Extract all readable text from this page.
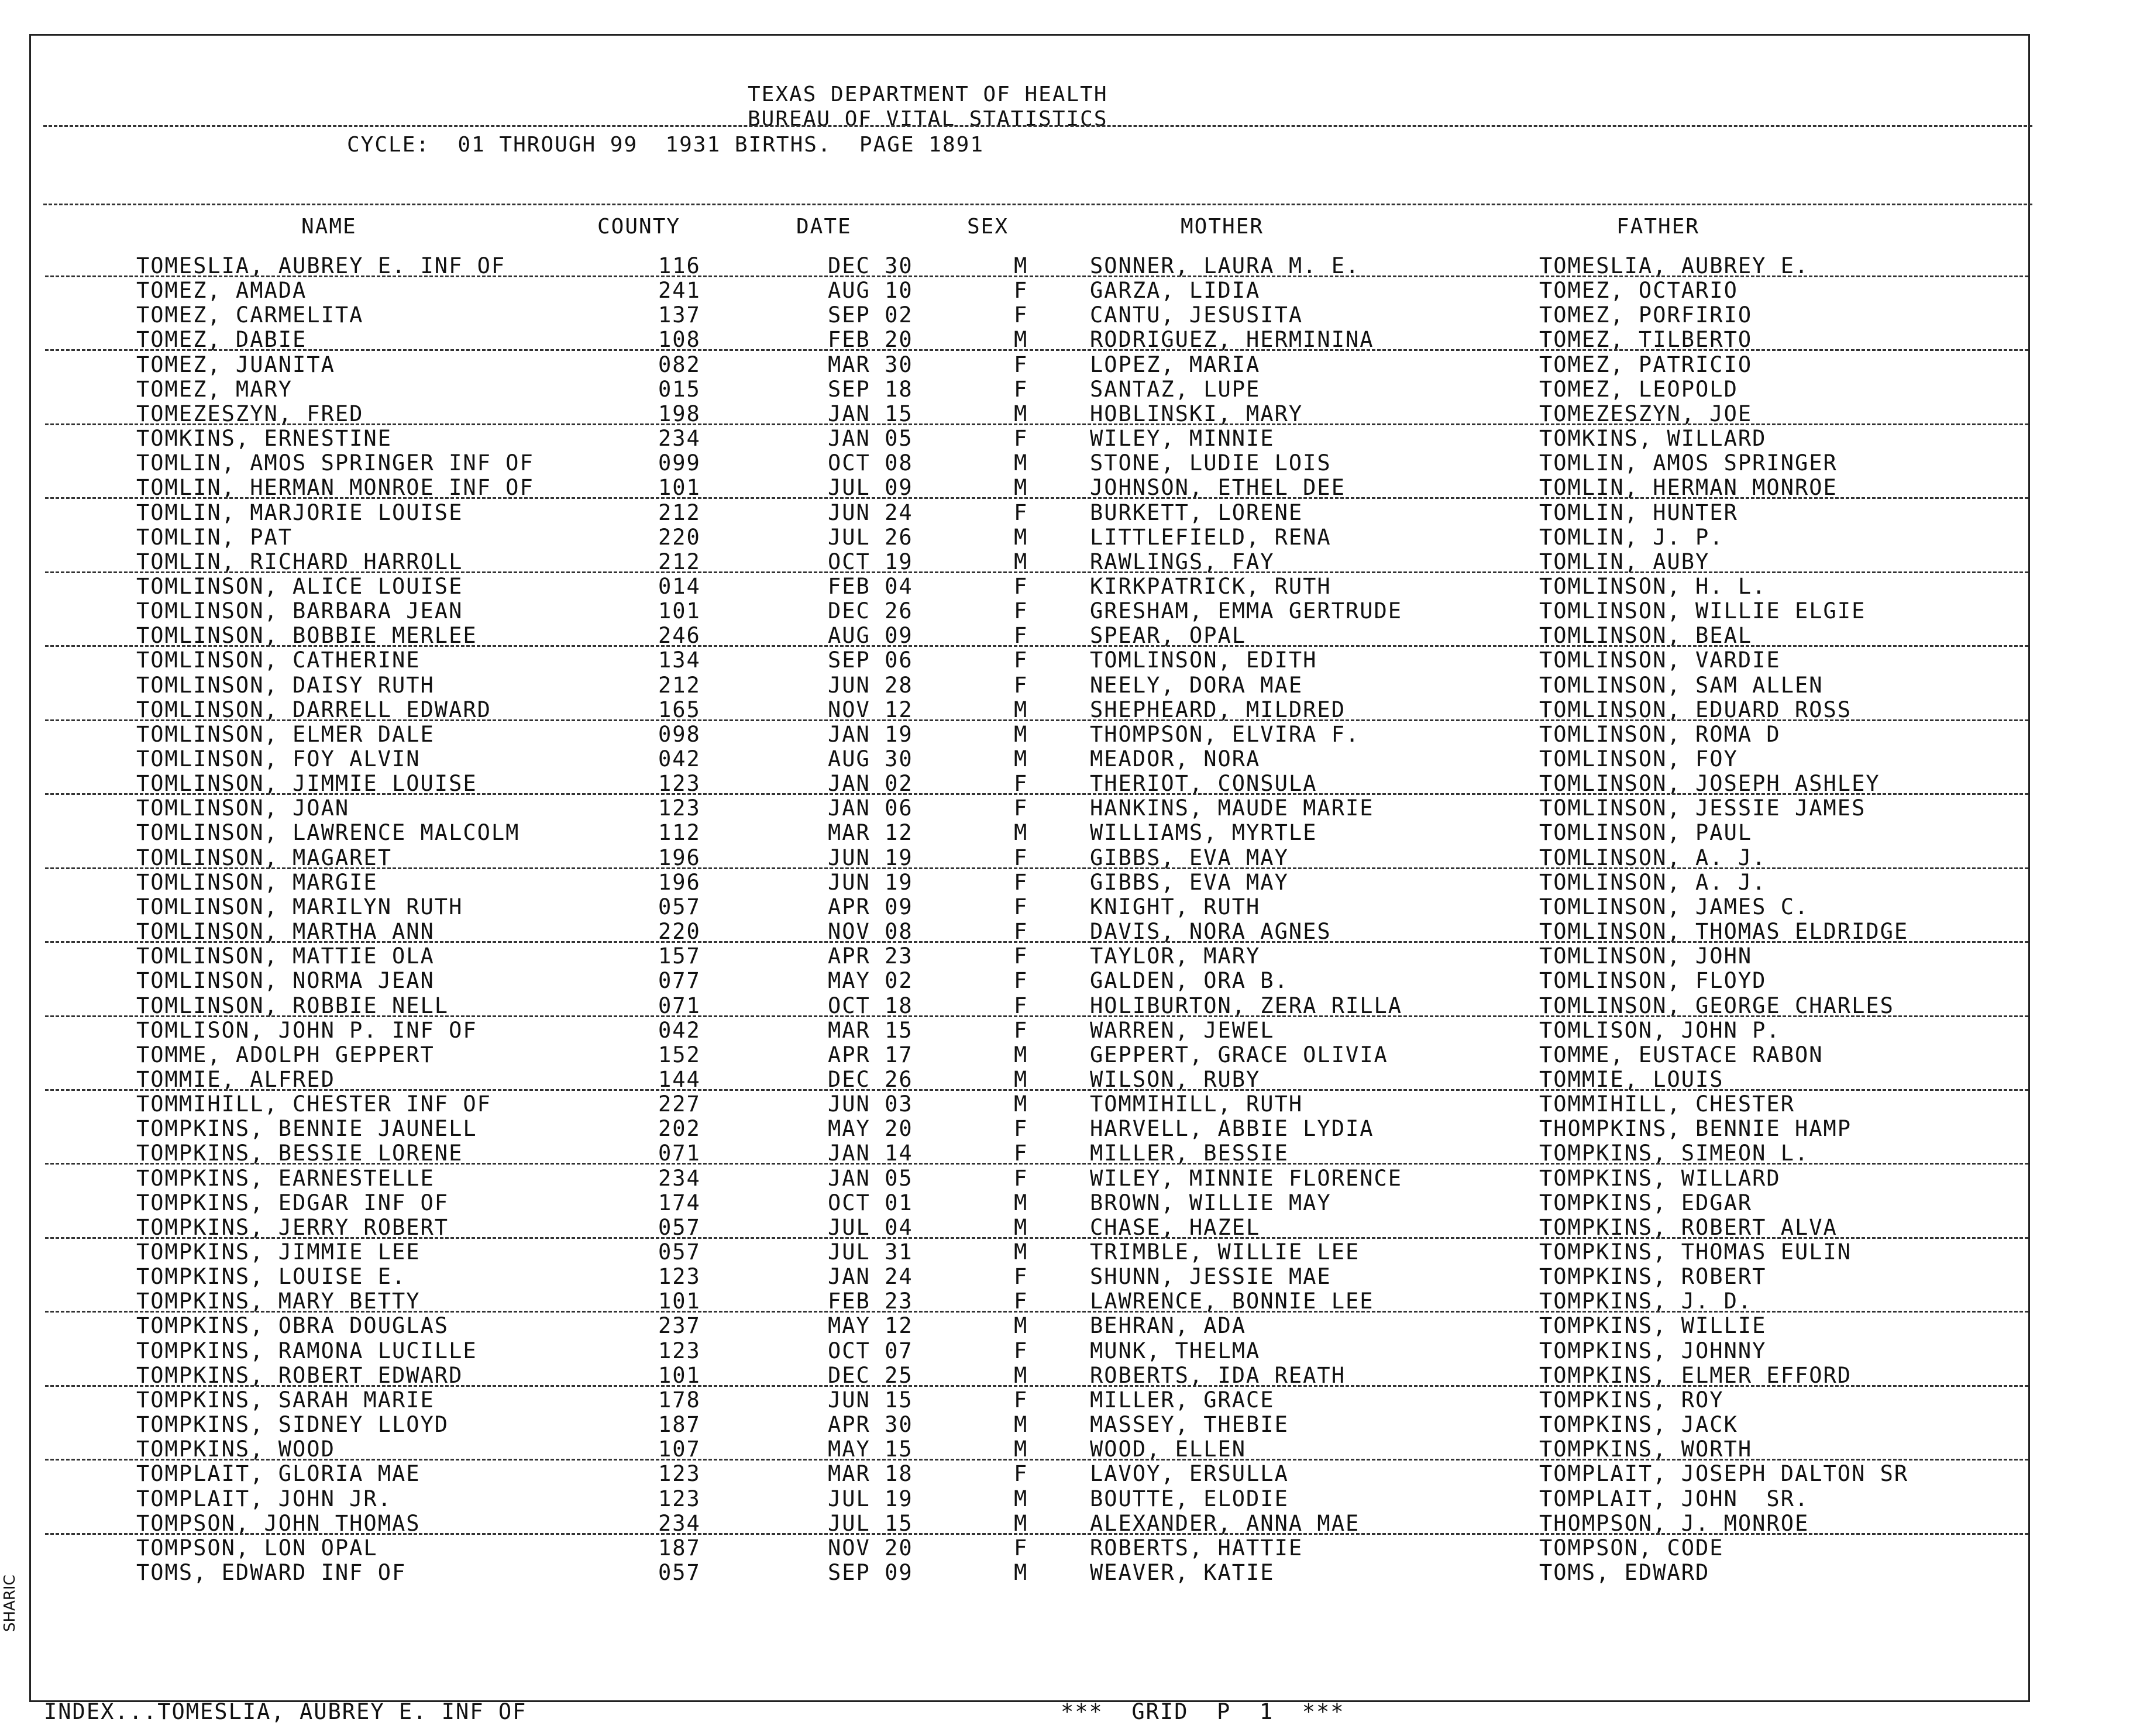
TEXAS DEPARTMENT OF HEALTH
BUREAU OF VITAL STATISTICS
CYCLE:  01 THROUGH 99  1931 BIRTHS.  PAGE 1891
NAME	COUNTY	DATE	SEX	MOTHER	FATHER
TOMESLIA, AUBREY E. INF OF	116	DEC 30	M	SONNER, LAURA M. E.	TOMESLIA, AUBREY E.
TOMEZ, AMADA	241	AUG 10	F	GARZA, LIDIA	TOMEZ, OCTARIO
TOMEZ, CARMELITA	137	SEP 02	F	CANTU, JESUSITA	TOMEZ, PORFIRIO
TOMEZ, DABIE	108	FEB 20	M	RODRIGUEZ, HERMININA	TOMEZ, TILBERTO
TOMEZ, JUANITA	082	MAR 30	F	LOPEZ, MARIA	TOMEZ, PATRICIO
TOMEZ, MARY	015	SEP 18	F	SANTAZ, LUPE	TOMEZ, LEOPOLD
TOMEZESZYN, FRED	198	JAN 15	M	HOBLINSKI, MARY	TOMEZESZYN, JOE
TOMKINS, ERNESTINE	234	JAN 05	F	WILEY, MINNIE	TOMKINS, WILLARD
TOMLIN, AMOS SPRINGER INF OF	099	OCT 08	M	STONE, LUDIE LOIS	TOMLIN, AMOS SPRINGER
TOMLIN, HERMAN MONROE INF OF	101	JUL 09	M	JOHNSON, ETHEL DEE	TOMLIN, HERMAN MONROE
TOMLIN, MARJORIE LOUISE	212	JUN 24	F	BURKETT, LORENE	TOMLIN, HUNTER
TOMLIN, PAT	220	JUL 26	M	LITTLEFIELD, RENA	TOMLIN, J. P.
TOMLIN, RICHARD HARROLL	212	OCT 19	M	RAWLINGS, FAY	TOMLIN, AUBY
TOMLINSON, ALICE LOUISE	014	FEB 04	F	KIRKPATRICK, RUTH	TOMLINSON, H. L.
TOMLINSON, BARBARA JEAN	101	DEC 26	F	GRESHAM, EMMA GERTRUDE	TOMLINSON, WILLIE ELGIE
TOMLINSON, BOBBIE MERLEE	246	AUG 09	F	SPEAR, OPAL	TOMLINSON, BEAL
TOMLINSON, CATHERINE	134	SEP 06	F	TOMLINSON, EDITH	TOMLINSON, VARDIE
TOMLINSON, DAISY RUTH	212	JUN 28	F	NEELY, DORA MAE	TOMLINSON, SAM ALLEN
TOMLINSON, DARRELL EDWARD	165	NOV 12	M	SHEPHEARD, MILDRED	TOMLINSON, EDUARD ROSS
TOMLINSON, ELMER DALE	098	JAN 19	M	THOMPSON, ELVIRA F.	TOMLINSON, ROMA D
TOMLINSON, FOY ALVIN	042	AUG 30	M	MEADOR, NORA	TOMLINSON, FOY
TOMLINSON, JIMMIE LOUISE	123	JAN 02	F	THERIOT, CONSULA	TOMLINSON, JOSEPH ASHLEY
TOMLINSON, JOAN	123	JAN 06	F	HANKINS, MAUDE MARIE	TOMLINSON, JESSIE JAMES
TOMLINSON, LAWRENCE MALCOLM	112	MAR 12	M	WILLIAMS, MYRTLE	TOMLINSON, PAUL
TOMLINSON, MAGARET	196	JUN 19	F	GIBBS, EVA MAY	TOMLINSON, A. J.
TOMLINSON, MARGIE	196	JUN 19	F	GIBBS, EVA MAY	TOMLINSON, A. J.
TOMLINSON, MARILYN RUTH	057	APR 09	F	KNIGHT, RUTH	TOMLINSON, JAMES C.
TOMLINSON, MARTHA ANN	220	NOV 08	F	DAVIS, NORA AGNES	TOMLINSON, THOMAS ELDRIDGE
TOMLINSON, MATTIE OLA	157	APR 23	F	TAYLOR, MARY	TOMLINSON, JOHN
TOMLINSON, NORMA JEAN	077	MAY 02	F	GALDEN, ORA B.	TOMLINSON, FLOYD
TOMLINSON, ROBBIE NELL	071	OCT 18	F	HOLIBURTON, ZERA RILLA	TOMLINSON, GEORGE CHARLES
TOMLISON, JOHN P. INF OF	042	MAR 15	F	WARREN, JEWEL	TOMLISON, JOHN P.
TOMME, ADOLPH GEPPERT	152	APR 17	M	GEPPERT, GRACE OLIVIA	TOMME, EUSTACE RABON
TOMMIE, ALFRED	144	DEC 26	M	WILSON, RUBY	TOMMIE, LOUIS
TOMMIHILL, CHESTER INF OF	227	JUN 03	M	TOMMIHILL, RUTH	TOMMIHILL, CHESTER
TOMPKINS, BENNIE JAUNELL	202	MAY 20	F	HARVELL, ABBIE LYDIA	THOMPKINS, BENNIE HAMP
TOMPKINS, BESSIE LORENE	071	JAN 14	F	MILLER, BESSIE	TOMPKINS, SIMEON L.
TOMPKINS, EARNESTELLE	234	JAN 05	F	WILEY, MINNIE FLORENCE	TOMPKINS, WILLARD
TOMPKINS, EDGAR INF OF	174	OCT 01	M	BROWN, WILLIE MAY	TOMPKINS, EDGAR
TOMPKINS, JERRY ROBERT	057	JUL 04	M	CHASE, HAZEL	TOMPKINS, ROBERT ALVA
TOMPKINS, JIMMIE LEE	057	JUL 31	M	TRIMBLE, WILLIE LEE	TOMPKINS, THOMAS EULIN
TOMPKINS, LOUISE E.	123	JAN 24	F	SHUNN, JESSIE MAE	TOMPKINS, ROBERT
TOMPKINS, MARY BETTY	101	FEB 23	F	LAWRENCE, BONNIE LEE	TOMPKINS, J. D.
TOMPKINS, OBRA DOUGLAS	237	MAY 12	M	BEHRAN, ADA	TOMPKINS, WILLIE
TOMPKINS, RAMONA LUCILLE	123	OCT 07	F	MUNK, THELMA	TOMPKINS, JOHNNY
TOMPKINS, ROBERT EDWARD	101	DEC 25	M	ROBERTS, IDA REATH	TOMPKINS, ELMER EFFORD
TOMPKINS, SARAH MARIE	178	JUN 15	F	MILLER, GRACE	TOMPKINS, ROY
TOMPKINS, SIDNEY LLOYD	187	APR 30	M	MASSEY, THEBIE	TOMPKINS, JACK
TOMPKINS, WOOD	107	MAY 15	M	WOOD, ELLEN	TOMPKINS, WORTH
TOMPLAIT, GLORIA MAE	123	MAR 18	F	LAVOY, ERSULLA	TOMPLAIT, JOSEPH DALTON SR
TOMPLAIT, JOHN JR.	123	JUL 19	M	BOUTTE, ELODIE	TOMPLAIT, JOHN  SR.
TOMPSON, JOHN THOMAS	234	JUL 15	M	ALEXANDER, ANNA MAE	THOMPSON, J. MONROE
TOMPSON, LON OPAL	187	NOV 20	F	ROBERTS, HATTIE	TOMPSON, CODE
TOMS, EDWARD INF OF	057	SEP 09	M	WEAVER, KATIE	TOMS, EDWARD
INDEX...TOMESLIA, AUBREY E. INF OF	***  GRID  P  1  ***
SHARIC
